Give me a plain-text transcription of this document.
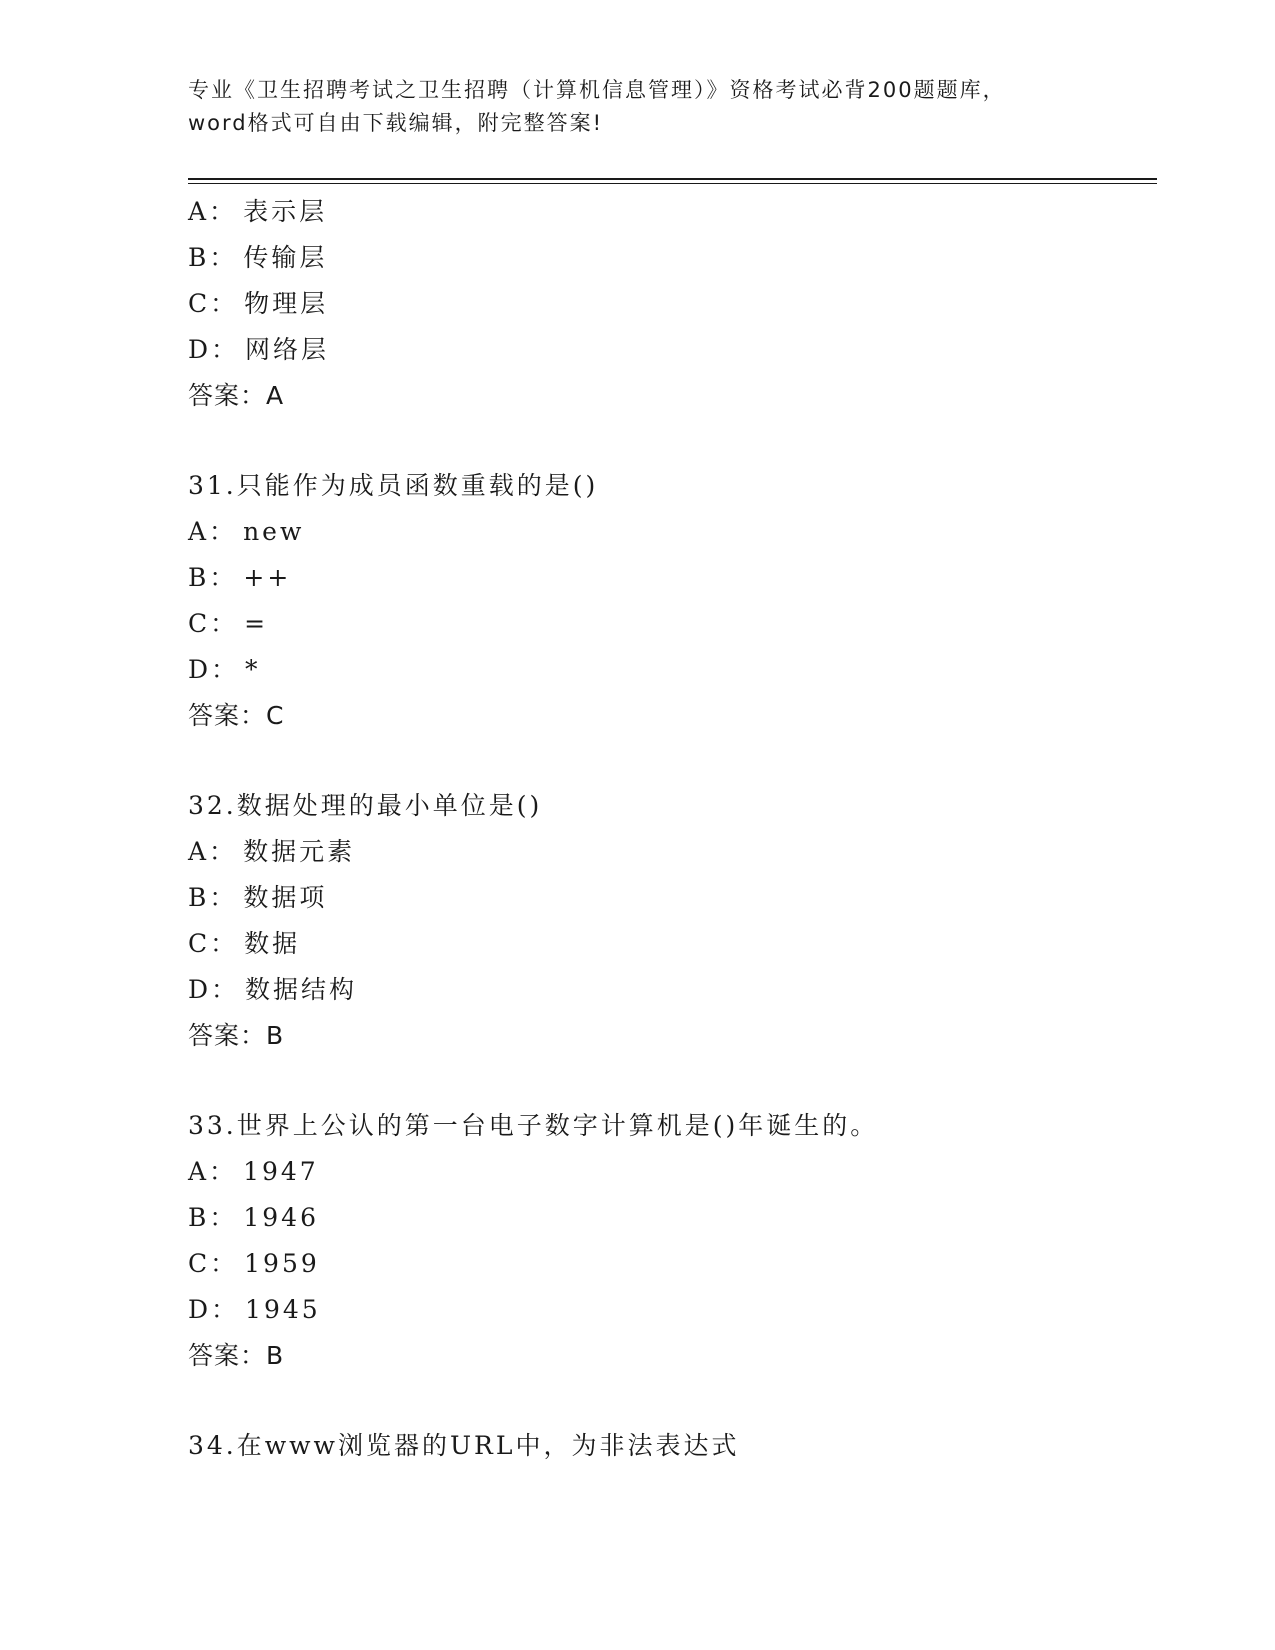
专业《卫生招聘考试之卫生招聘（计算机信息管理）》资格考试必背200题题库，
word格式可自由下载编辑，附完整答案!
A： 表示层
B： 传输层
C： 物理层
D： 网络层
答案：A
31.只能作为成员函数重载的是()
A： new
B： ++
C： =
D： *
答案：C
32.数据处理的最小单位是()
A： 数据元素
B： 数据项
C： 数据
D： 数据结构
答案：B
33.世界上公认的第一台电子数字计算机是()年诞生的。
A： 1947
B： 1946
C： 1959
D： 1945
答案：B
34.在www浏览器的URL中，为非法表达式
